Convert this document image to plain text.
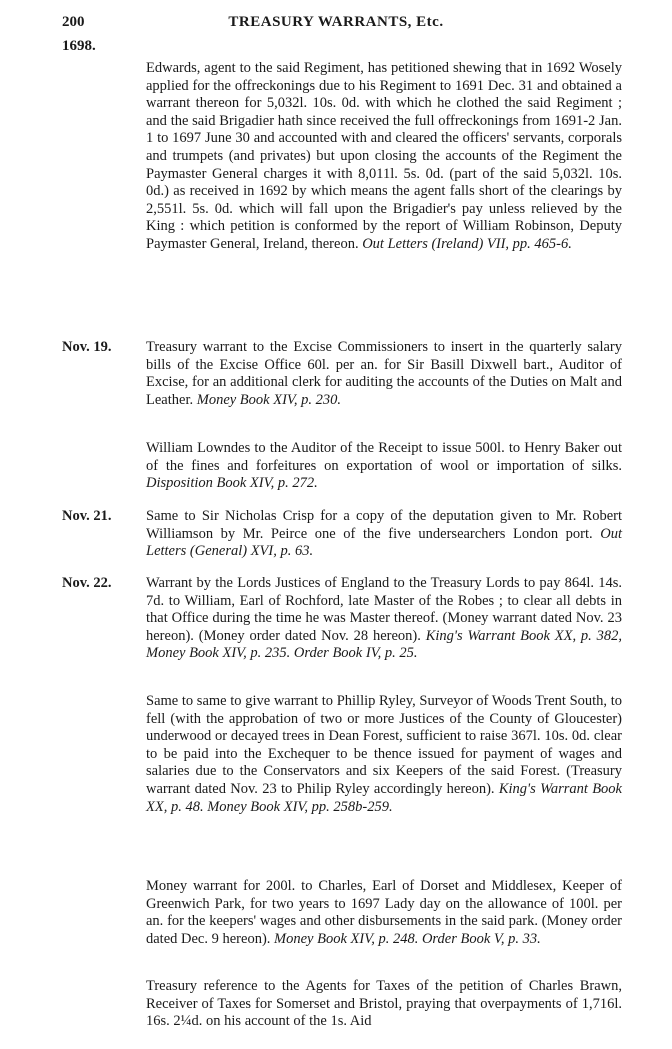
200	TREASURY WARRANTS, Etc.
1698.
Edwards, agent to the said Regiment, has petitioned shewing that in 1692 Wosely applied for the offreckonings due to his Regiment to 1691 Dec. 31 and obtained a warrant thereon for 5,032l. 10s. 0d. with which he clothed the said Regiment ; and the said Brigadier hath since received the full offreckonings from 1691-2 Jan. 1 to 1697 June 30 and accounted with and cleared the officers' servants, corporals and trumpets (and privates) but upon closing the accounts of the Regiment the Paymaster General charges it with 8,011l. 5s. 0d. (part of the said 5,032l. 10s. 0d.) as received in 1692 by which means the agent falls short of the clearings by 2,551l. 5s. 0d. which will fall upon the Brigadier's pay unless relieved by the King : which petition is conformed by the report of William Robinson, Deputy Paymaster General, Ireland, thereon. Out Letters (Ireland) VII, pp. 465-6.
Nov. 19. Treasury warrant to the Excise Commissioners to insert in the quarterly salary bills of the Excise Office 60l. per an. for Sir Basill Dixwell bart., Auditor of Excise, for an additional clerk for auditing the accounts of the Duties on Malt and Leather. Money Book XIV, p. 230.
William Lowndes to the Auditor of the Receipt to issue 500l. to Henry Baker out of the fines and forfeitures on exportation of wool or importation of silks. Disposition Book XIV, p. 272.
Nov. 21. Same to Sir Nicholas Crisp for a copy of the deputation given to Mr. Robert Williamson by Mr. Peirce one of the five undersearchers London port. Out Letters (General) XVI, p. 63.
Nov. 22. Warrant by the Lords Justices of England to the Treasury Lords to pay 864l. 14s. 7d. to William, Earl of Rochford, late Master of the Robes ; to clear all debts in that Office during the time he was Master thereof. (Money warrant dated Nov. 23 hereon). (Money order dated Nov. 28 hereon). King's Warrant Book XX, p. 382, Money Book XIV, p. 235. Order Book IV, p. 25.
Same to same to give warrant to Phillip Ryley, Surveyor of Woods Trent South, to fell (with the approbation of two or more Justices of the County of Gloucester) underwood or decayed trees in Dean Forest, sufficient to raise 367l. 10s. 0d. clear to be paid into the Exchequer to be thence issued for payment of wages and salaries due to the Conservators and six Keepers of the said Forest. (Treasury warrant dated Nov. 23 to Philip Ryley accordingly hereon). King's Warrant Book XX, p. 48. Money Book XIV, pp. 258b-259.
Money warrant for 200l. to Charles, Earl of Dorset and Middlesex, Keeper of Greenwich Park, for two years to 1697 Lady day on the allowance of 100l. per an. for the keepers' wages and other disbursements in the said park. (Money order dated Dec. 9 hereon). Money Book XIV, p. 248. Order Book V, p. 33.
Treasury reference to the Agents for Taxes of the petition of Charles Brawn, Receiver of Taxes for Somerset and Bristol, praying that overpayments of 1,716l. 16s. 2¼d. on his account of the 1s. Aid
